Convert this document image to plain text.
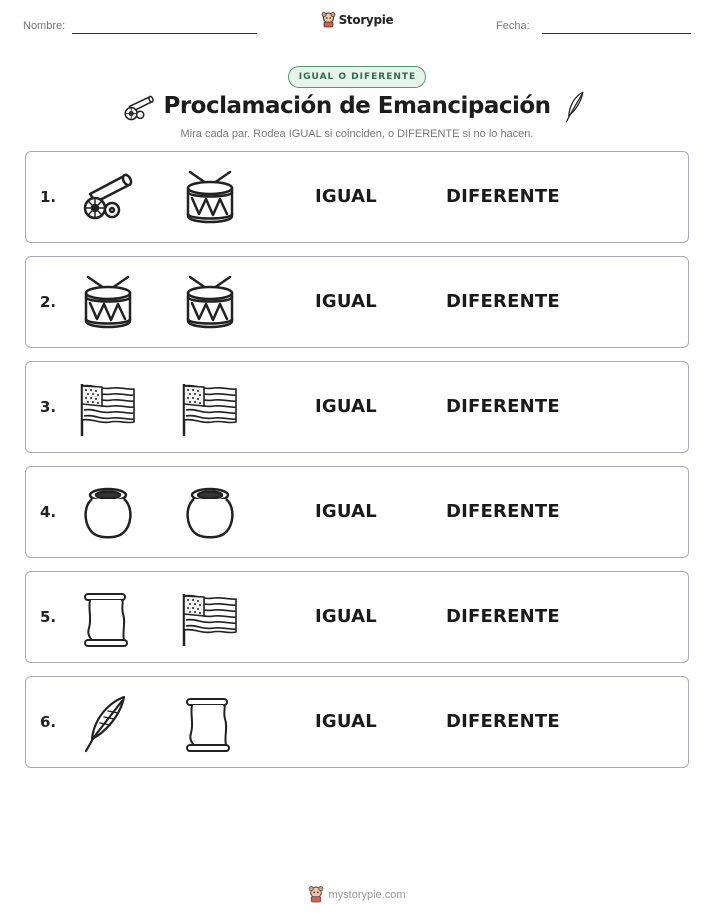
Nombre:	Storypie	Fecha:
IGUAL O DIFERENTE
Proclamación de Emancipación
Mira cada par. Rodea IGUAL si coinciden, o DIFERENTE si no lo hacen.
1.	IGUAL	DIFERENTE
2.	IGUAL	DIFERENTE
3.	IGUAL	DIFERENTE
4.	IGUAL	DIFERENTE
5.	IGUAL	DIFERENTE
6.	IGUAL	DIFERENTE
mystorypie.com
